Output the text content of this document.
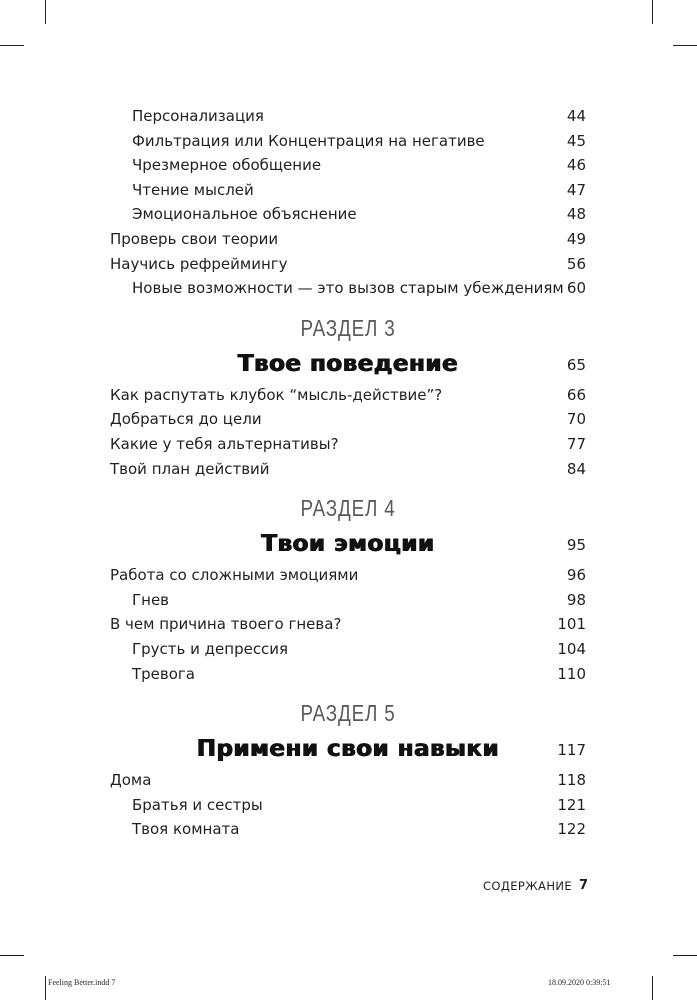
Персонализация	44
Фильтрация или Концентрация на негативе	45
Чрезмерное обобщение	46
Чтение мыслей	47
Эмоциональное объяснение	48
Проверь свои теории	49
Научись рефреймингу	56
Новые возможности — это вызов старым убеждениям 60
РАЗДЕЛ 3
Твое поведение	65
Как распутать клубок “мысль-действие”?	66
Добраться до цели	70
Какие у тебя альтернативы?	77
Твой план действий	84
РАЗДЕЛ 4
Твои эмоции	95
Работа со сложными эмоциями	96
Гнев	98
В чем причина твоего гнева?	101
Грусть и депрессия	104
Тревога	110
РАЗДЕЛ 5
Примени свои навыки	117
Дома	118
Братья и сестры	121
Твоя комната	122
СОДЕРЖАНИЕ 7
Feeling Better.indd 7	18.09.2020 0:39:51
